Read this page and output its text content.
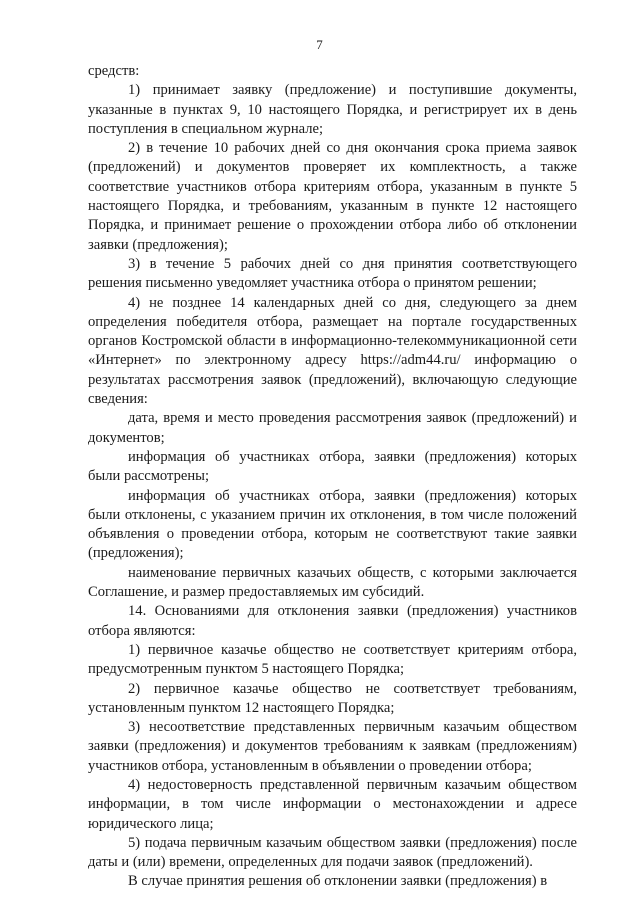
7

средств:

1) принимает заявку (предложение) и поступившие документы, указанные в пунктах 9, 10 настоящего Порядка, и регистрирует их в день поступления в специальном журнале;

2) в течение 10 рабочих дней со дня окончания срока приема заявок (предложений) и документов проверяет их комплектность, а также соответствие участников отбора критериям отбора, указанным в пункте 5 настоящего Порядка, и требованиям, указанным в пункте 12 настоящего Порядка, и принимает решение о прохождении отбора либо об отклонении заявки (предложения);

3) в течение 5 рабочих дней со дня принятия соответствующего решения письменно уведомляет участника отбора о принятом решении;

4) не позднее 14 календарных дней со дня, следующего за днем определения победителя отбора, размещает на портале государственных органов Костромской области в информационно-телекоммуникационной сети «Интернет» по электронному адресу https://adm44.ru/ информацию о результатах рассмотрения заявок (предложений), включающую следующие сведения:

дата, время и место проведения рассмотрения заявок (предложений) и документов;

информация об участниках отбора, заявки (предложения) которых были рассмотрены;

информация об участниках отбора, заявки (предложения) которых были отклонены, с указанием причин их отклонения, в том числе положений объявления о проведении отбора, которым не соответствуют такие заявки (предложения);

наименование первичных казачьих обществ, с которыми заключается Соглашение, и размер предоставляемых им субсидий.

14. Основаниями для отклонения заявки (предложения) участников отбора являются:

1) первичное казачье общество не соответствует критериям отбора, предусмотренным пунктом 5 настоящего Порядка;

2) первичное казачье общество не соответствует требованиям, установленным пунктом 12 настоящего Порядка;

3) несоответствие представленных первичным казачьим обществом заявки (предложения) и документов требованиям к заявкам (предложениям) участников отбора, установленным в объявлении о проведении отбора;

4) недостоверность представленной первичным казачьим обществом информации, в том числе информации о местонахождении и адресе юридического лица;

5) подача первичным казачьим обществом заявки (предложения) после даты и (или) времени, определенных для подачи заявок (предложений).

В случае принятия решения об отклонении заявки (предложения) в
